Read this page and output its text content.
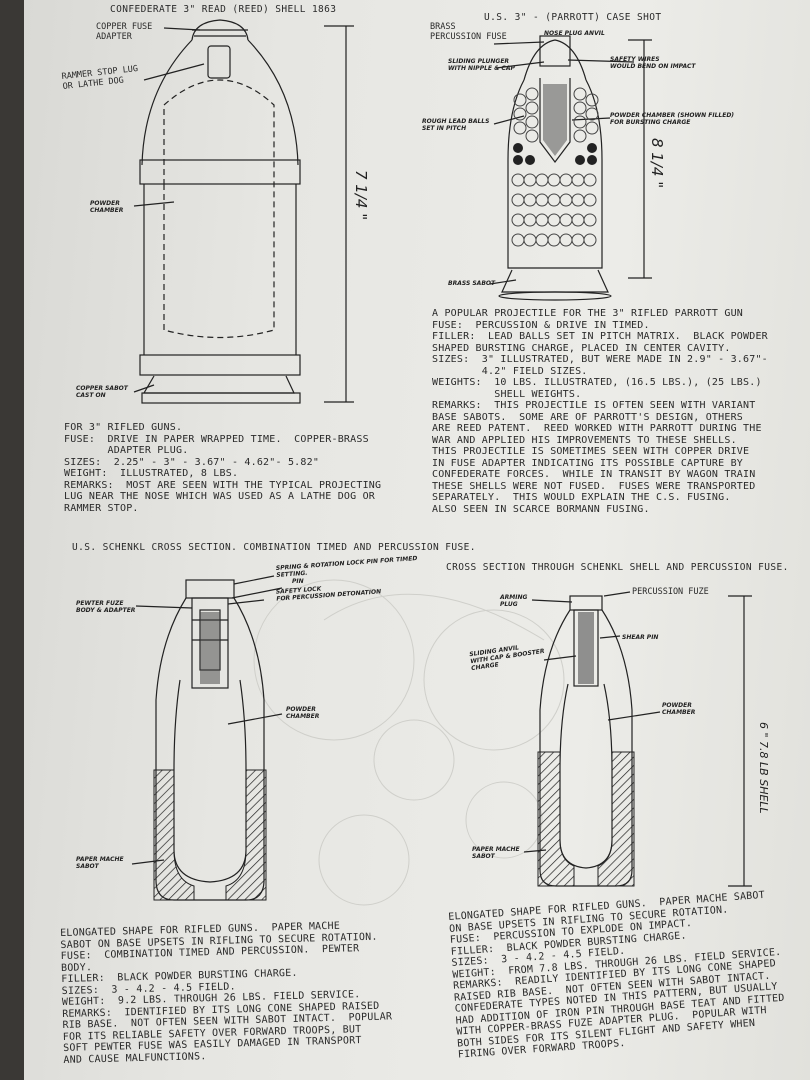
CONFEDERATE 3" READ (REED) SHELL 1863
COPPER FUSE
ADAPTER
RAMMER STOP LUG
OR LATHE DOG
POWDER
CHAMBER
COPPER SABOT
CAST ON
7 1/4 "
FOR 3" RIFLED GUNS.
FUSE:  DRIVE IN PAPER WRAPPED TIME.  COPPER-BRASS
ADAPTER PLUG.
SIZES:  2.25" - 3" - 3.67" - 4.62"- 5.82"
WEIGHT:  ILLUSTRATED, 8 LBS.
REMARKS:  MOST ARE SEEN WITH THE TYPICAL PROJECTING
LUG NEAR THE NOSE WHICH WAS USED AS A LATHE DOG OR
RAMMER STOP.
U.S. 3" - (PARROTT) CASE SHOT
BRASS
PERCUSSION FUSE	NOSE PLUG ANVIL
SLIDING PLUNGER
WITH NIPPLE & CAP
SAFETY WIRES
WOULD BEND ON IMPACT
ROUGH LEAD BALLS
SET IN PITCH
POWDER CHAMBER (SHOWN FILLED)
FOR BURSTING CHARGE
BRASS SABOT
8 1/4 "
A POPULAR PROJECTILE FOR THE 3" RIFLED PARROTT GUN
FUSE:  PERCUSSION & DRIVE IN TIMED.
FILLER:  LEAD BALLS SET IN PITCH MATRIX.  BLACK POWDER
SHAPED BURSTING CHARGE, PLACED IN CENTER CAVITY.
SIZES:  3" ILLUSTRATED, BUT WERE MADE IN 2.9" - 3.67"-
4.2" FIELD SIZES.
WEIGHTS:  10 LBS. ILLUSTRATED, (16.5 LBS.), (25 LBS.)
SHELL WEIGHTS.
REMARKS:  THIS PROJECTILE IS OFTEN SEEN WITH VARIANT
BASE SABOTS.  SOME ARE OF PARROTT'S DESIGN, OTHERS
ARE REED PATENT.  REED WORKED WITH PARROTT DURING THE
WAR AND APPLIED HIS IMPROVEMENTS TO THESE SHELLS.
THIS PROJECTILE IS SOMETIMES SEEN WITH COPPER DRIVE
IN FUSE ADAPTER INDICATING ITS POSSIBLE CAPTURE BY
CONFEDERATE FORCES.  WHILE IN TRANSIT BY WAGON TRAIN
THESE SHELLS WERE NOT FUSED.  FUSES WERE TRANSPORTED
SEPARATELY.  THIS WOULD EXPLAIN THE C.S. FUSING.
ALSO SEEN IN SCARCE BORMANN FUSING.
U.S. SCHENKL CROSS SECTION. COMBINATION TIMED AND PERCUSSION FUSE.
SPRING & ROTATION LOCK PIN FOR TIMED
SETTING.
PIN
SAFETY LOCK
FOR PERCUSSION DETONATION
PEWTER FUZE
BODY & ADAPTER
POWDER
CHAMBER
PAPER MACHE
SABOT
ELONGATED SHAPE FOR RIFLED GUNS.  PAPER MACHE
SABOT ON BASE UPSETS IN RIFLING TO SECURE ROTATION.
FUSE:  COMBINATION TIMED AND PERCUSSION.  PEWTER
BODY.
FILLER:  BLACK POWDER BURSTING CHARGE.
SIZES:  3 - 4.2 - 4.5 FIELD.
WEIGHT:  9.2 LBS. THROUGH 26 LBS. FIELD SERVICE.
REMARKS:  IDENTIFIED BY ITS LONG CONE SHAPED RAISED
RIB BASE.  NOT OFTEN SEEN WITH SABOT INTACT.  POPULAR
FOR ITS RELIABLE SAFETY OVER FORWARD TROOPS, BUT
SOFT PEWTER FUSE WAS EASILY DAMAGED IN TRANSPORT
AND CAUSE MALFUNCTIONS.
CROSS SECTION THROUGH SCHENKL SHELL AND PERCUSSION FUSE.
ARMING
PLUG
PERCUSSION FUZE
SHEAR PIN
SLIDING ANVIL
WITH CAP & BOOSTER
CHARGE
POWDER
CHAMBER
PAPER MACHE
SABOT
6 " 7.8 LB SHELL
ELONGATED SHAPE FOR RIFLED GUNS.  PAPER MACHE SABOT
ON BASE UPSETS IN RIFLING TO SECURE ROTATION.
FUSE:  PERCUSSION TO EXPLODE ON IMPACT.
FILLER:  BLACK POWDER BURSTING CHARGE.
SIZES:  3 - 4.2 - 4.5 FIELD.
WEIGHT:  FROM 7.8 LBS. THROUGH 26 LBS. FIELD SERVICE.
REMARKS:  READILY IDENTIFIED BY ITS LONG CONE SHAPED
RAISED RIB BASE.  NOT OFTEN SEEN WITH SABOT INTACT.
CONFEDERATE TYPES NOTED IN THIS PATTERN, BUT USUALLY
HAD ADDITION OF IRON PIN THROUGH BASE TEAT AND FITTED
WITH COPPER-BRASS FUZE ADAPTER PLUG.  POPULAR WITH
BOTH SIDES FOR ITS SILENT FLIGHT AND SAFETY WHEN
FIRING OVER FORWARD TROOPS.
